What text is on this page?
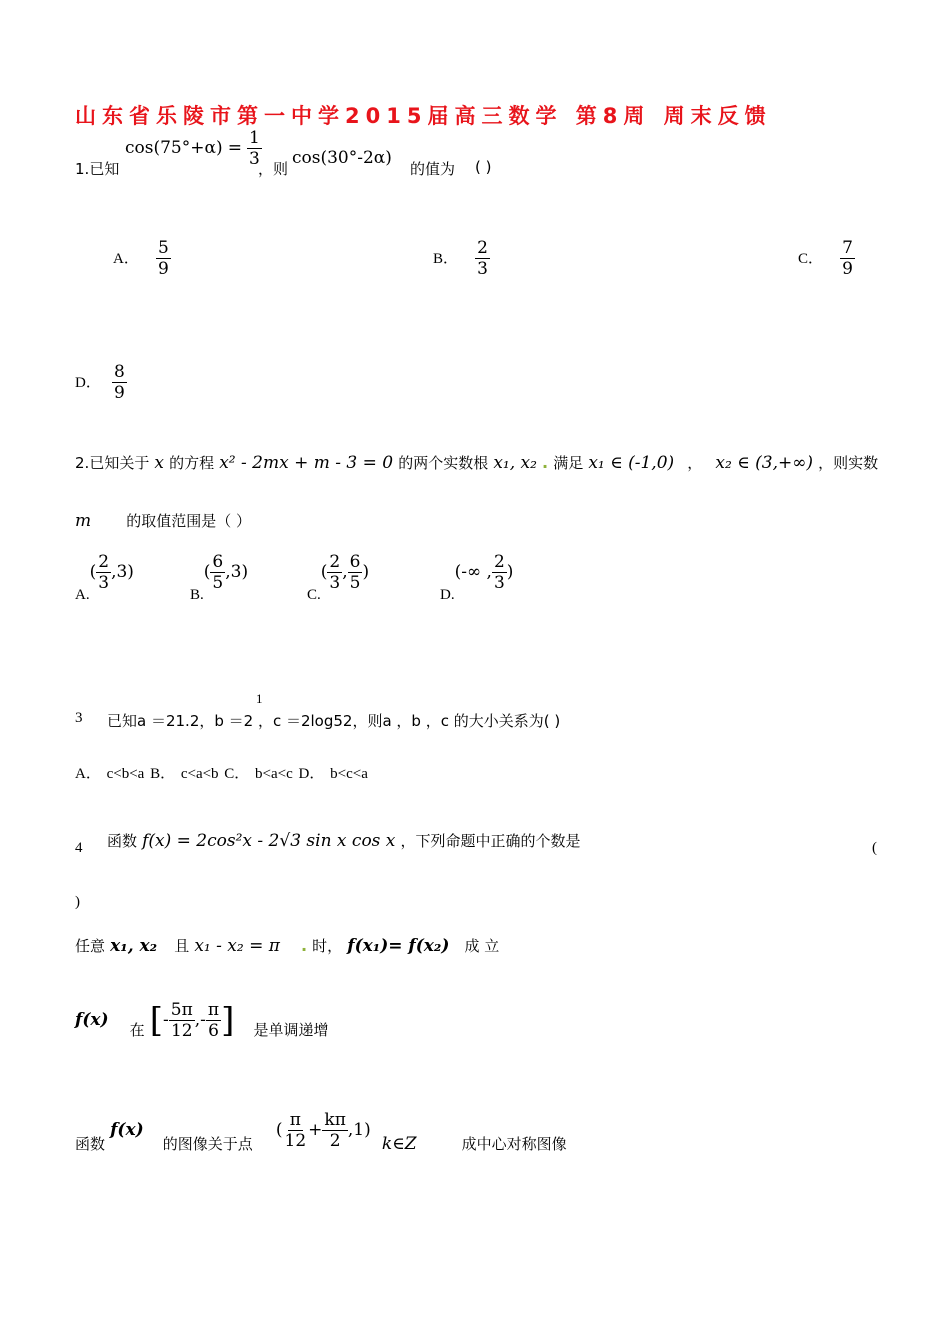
山东省乐陵市第一中学2015届高三数学 第8周 周末反馈
1.已知
$\cos(75^\circ+\alpha) = \frac{1}{3}$
，则
cos(30°-2α)
的值为 ( )
A． $\frac{5}{9}$	B． $\frac{2}{3}$	C． $\frac{7}{9}$
D． $\frac{8}{9}$
2.已知关于 x 的方程 x² - 2mx + m - 3 = 0 的两个实数根 x₁, x₂ . 满足 x₁ ∈ (-1,0) ， x₂ ∈ (3,+∞) ，则实数
m 的取值范围是（ ）
$A.( \frac{2}{3} ,3)$
$B.( \frac{6}{5} ,3)$
$C.( \frac{2}{3}$ , $\frac{6}{5}$ )
D.(-∞ , $\frac{2}{3}$ )
1
3 已知a ＝21.2，b ＝2 ，c ＝2log52，则a ，b ，c 的大小关系为( )
A． c<b<a B． c<a<b C． b<a<c D． b<c<a
4 函数 f(x) = 2cos²x - 2√3 sin x cos x ，下列命题中正确的个数是	(
)
任意 x₁, x₂ 且 x₁ - x₂ = π . 时， f(x₁)= f(x₂) 成 立
f(x) 在 [- $\frac{5\pi}{12}$ ,- $\frac{\pi}{6}$ ] 是单调递增
函数 f(x) 的图像关于点 ( $\frac{\pi}{12} + \frac{k\pi}{2} ,1$) k∈Z	成中心对称图像
